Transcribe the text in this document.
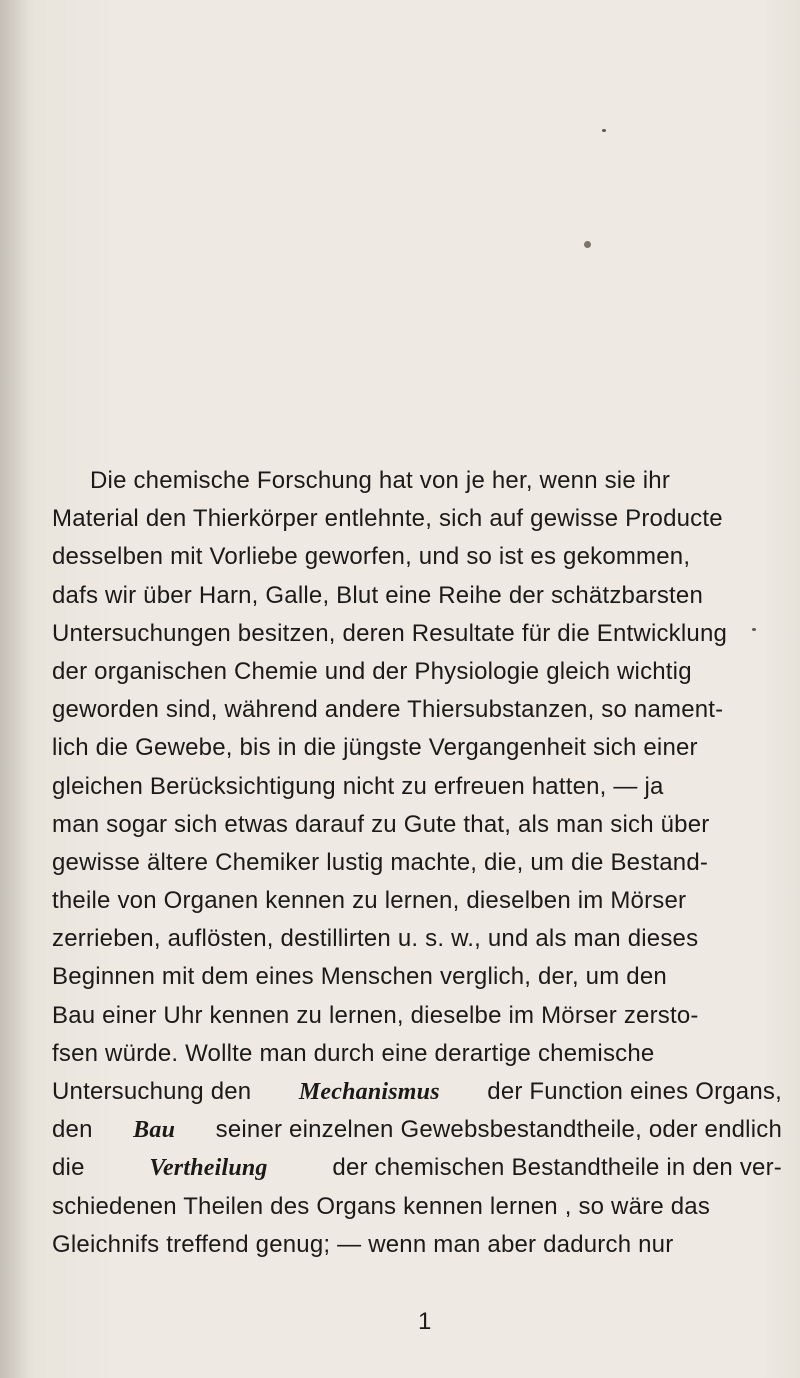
Die chemische Forschung hat von je her, wenn sie ihr
Material den Thierkörper entlehnte, sich auf gewisse Producte
desselben mit Vorliebe geworfen, und so ist es gekommen,
dafs wir über Harn, Galle, Blut eine Reihe der schätzbarsten
Untersuchungen besitzen, deren Resultate für die Entwicklung
der organischen Chemie und der Physiologie gleich wichtig
geworden sind, während andere Thiersubstanzen, so nament-
lich die Gewebe, bis in die jüngste Vergangenheit sich einer
gleichen Berücksichtigung nicht zu erfreuen hatten, — ja
man sogar sich etwas darauf zu Gute that, als man sich über
gewisse ältere Chemiker lustig machte, die, um die Bestand-
theile von Organen kennen zu lernen, dieselben im Mörser
zerrieben, auflösten, destillirten u. s. w., und als man dieses
Beginnen mit dem eines Menschen verglich, der, um den
Bau einer Uhr kennen zu lernen, dieselbe im Mörser zersto-
fsen würde. Wollte man durch eine derartige chemische
Untersuchung den Mechanismus der Function eines Organs,
den Bau seiner einzelnen Gewebsbestandtheile, oder endlich
die	Vertheilung	der chemischen Bestandtheile in den ver-
schiedenen Theilen des Organs kennen lernen , so wäre das
Gleichnifs treffend genug; — wenn man aber dadurch nur
1
